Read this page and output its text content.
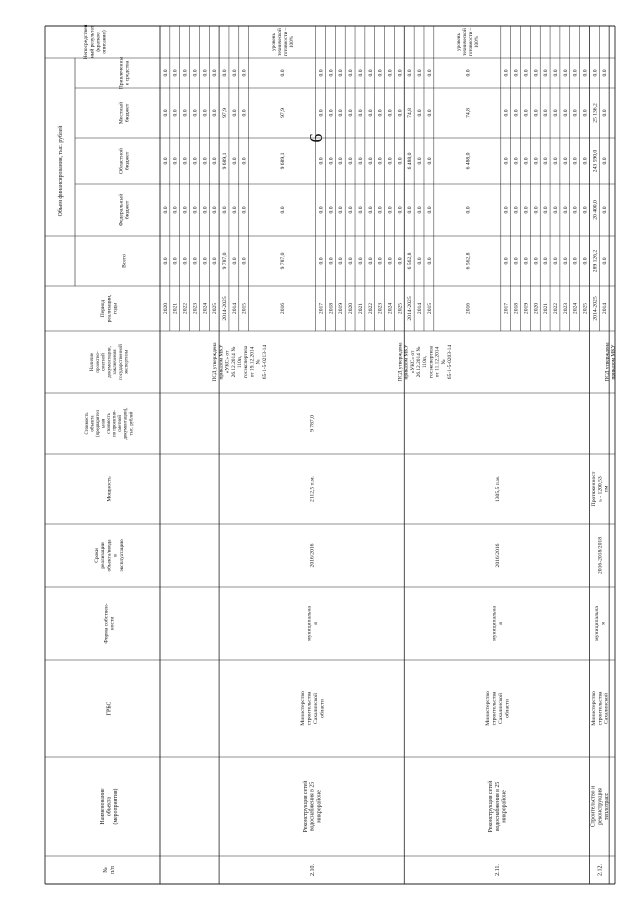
№п/п
Наименованиеобъекта(мероприятия)
ГРБС
Форма собствен-ности
Срокиреализацииобъекта/вводавэксплуатацию
Мощность
Стоимостьобъекта(предварительнаястоимостьпо проектно-сметнойдокументации),тыс. рублей
Наличиепроектно-сметнойдокументации,заключениягосударственнойэкспертизы
Периодреализации,годы
Объем финансирования, тыс. рублей
Всего
Федеральныйбюджет
Областнойбюджет
Местныйбюджет
Привлеченные средства
Непосредственный результат(краткоеописание)
2020
0.0
0.0
0.0
0.0
0.0
2021
0.0
0.0
0.0
0.0
0.0
2022
0.0
0.0
0.0
0.0
0.0
2023
0.0
0.0
0.0
0.0
0.0
2024
0.0
0.0
0.0
0.0
0.0
2025
0.0
0.0
0.0
0.0
0.0
2014-2025
9 787,0
0.0
9 689,1
97,9
0.0
2014
0.0
0.0
0.0
0.0
0.0
2015
0.0
0.0
0.0
0.0
0.0
2016
9 787,0
0.0
9 689,1
97,9
0.0
уровеньтехническойготовности –100%
2017
0.0
0.0
0.0
0.0
0.0
2018
0.0
0.0
0.0
0.0
0.0
2019
0.0
0.0
0.0
0.0
0.0
2020
0.0
0.0
0.0
0.0
0.0
2021
0.0
0.0
0.0
0.0
0.0
2022
0.0
0.0
0.0
0.0
0.0
2023
0.0
0.0
0.0
0.0
0.0
2024
0.0
0.0
0.0
0.0
0.0
2025
0.0
0.0
0.0
0.0
0.0
2.10.
Реконструкция сетейводоснабжения в 25микрорайоне
МинистерствостроительстваСахалинскойобласти
муниципальная
2016/2016
2112,5 п.м.
9 787,0
ПСД утвержденаприказом МКУ«УКС» от26.12.2014 №110п,госэкспертизаот 19.12.2014№65-1-5-0213-14
2014-2025
6 562,8
0.0
6 488,0
74,8
0.0
2014
0.0
0.0
0.0
0.0
0.0
2015
0.0
0.0
0.0
0.0
0.0
2016
6 562,8
0.0
6 488,0
74,8
0.0
уровеньтехническойготовности –100%
2017
0.0
0.0
0.0
0.0
0.0
2018
0.0
0.0
0.0
0.0
0.0
2019
0.0
0.0
0.0
0.0
0.0
2020
0.0
0.0
0.0
0.0
0.0
2021
0.0
0.0
0.0
0.0
0.0
2022
0.0
0.0
0.0
0.0
0.0
2023
0.0
0.0
0.0
0.0
0.0
2024
0.0
0.0
0.0
0.0
0.0
2025
0.0
0.0
0.0
0.0
0.0
2.11.
Реконструкция сетейводоснабжения в 25микрорайоне
МинистерствостроительстваСахалинскойобласти
муниципальная
2016/2016
1305,5 п.м.
ПСД утвержденаприказом МКУ«УКС» от26.12.2014 №110п,госэкспертизаот 11.12.2014№65-1-5-0203-14
2014-2025
289 126,2
20 400,0
243 590,0
25 136,2
0.0
2014
0.0
0.0
0.0
0.0
0.0
2.12.
Строительство иреконструкциятеплотрасс
МинистерствостроительстваСахалинской
муниципальная
2016-2018/2018
Протяженность - 1200,53пм
ПСД утвержденаприказом МКУ
9
